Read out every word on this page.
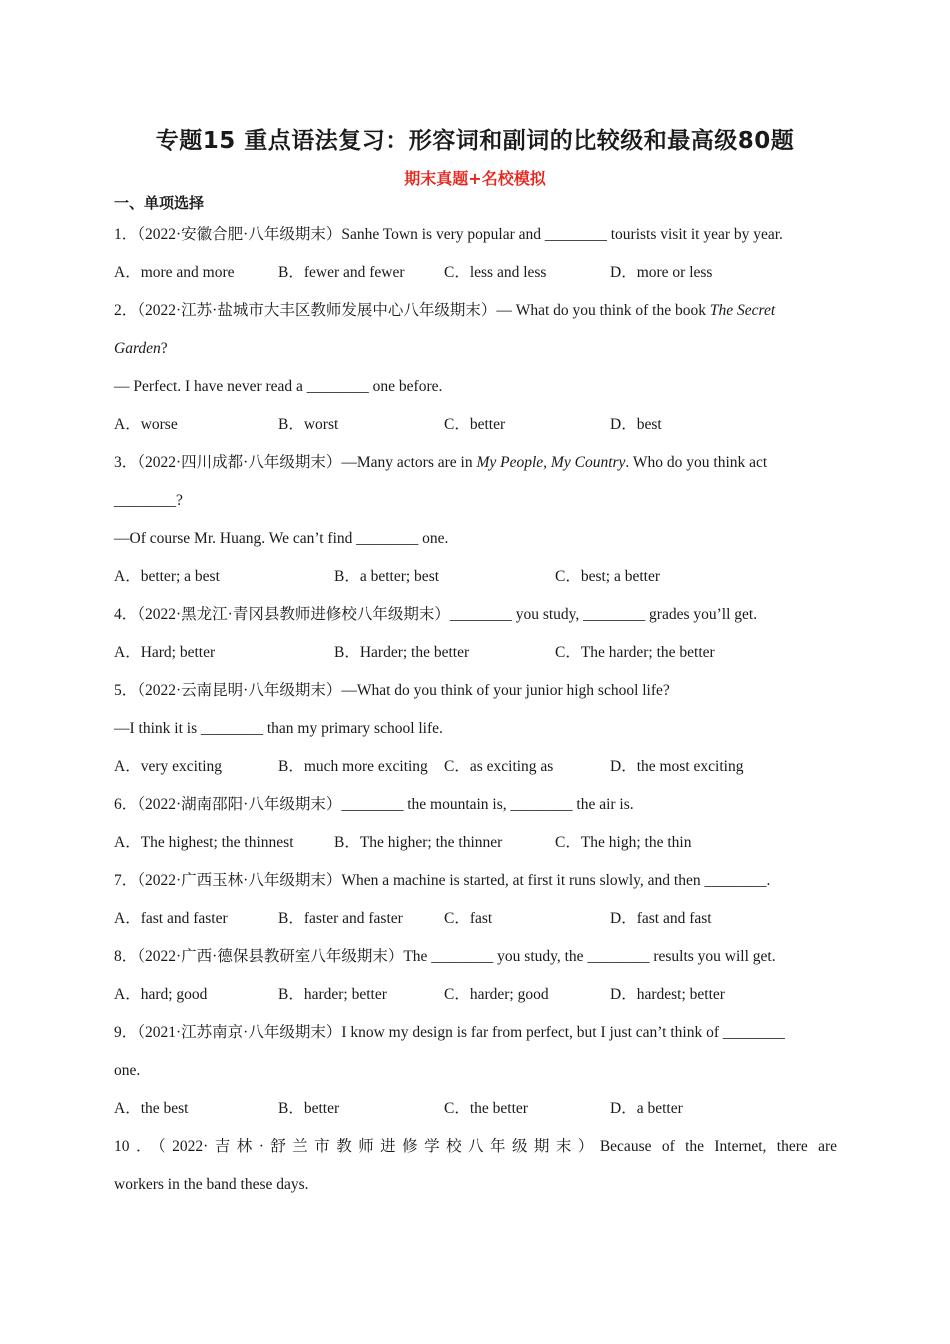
专题15 重点语法复习：形容词和副词的比较级和最高级80题
期末真题+名校模拟
一、单项选择
1．（2022·安徽合肥·八年级期末）Sanhe Town is very popular and ________ tourists visit it year by year.
A．more and more	B．fewer and fewer	C．less and less	D．more or less
2．（2022·江苏·盐城市大丰区教师发展中心八年级期末）— What do you think of the book The Secret
Garden?
— Perfect. I have never read a ________ one before.
A．worse	B．worst	C．better	D．best
3．（2022·四川成都·八年级期末）—Many actors are in My People, My Country. Who do you think act
________?
—Of course Mr. Huang. We can’t find ________ one.
A．better; a best	B．a better; best	C．best; a better
4．（2022·黑龙江·青冈县教师进修校八年级期末）________ you study, ________ grades you’ll get.
A．Hard; better	B．Harder; the better	C．The harder; the better
5．（2022·云南昆明·八年级期末）—What do you think of your junior high school life?
—I think it is ________ than my primary school life.
A．very exciting	B．much more exciting C．as exciting as	D．the most exciting
6．（2022·湖南邵阳·八年级期末）________ the mountain is, ________ the air is.
A．The highest; the thinnest	B．The higher; the thinner	C．The high; the thin
7．（2022·广西玉林·八年级期末）When a machine is started, at first it runs slowly, and then ________.
A．fast and faster	B．faster and faster	C．fast	D．fast and fast
8．（2022·广西·德保县教研室八年级期末）The ________ you study, the ________ results you will get.
A．hard; good	B．harder; better	C．harder; good	D．hardest; better
9．（2021·江苏南京·八年级期末）I know my design is far from perfect, but I just can’t think of ________
one.
A．the best	B．better	C．the better	D．a better
10．（2022·吉林·舒兰市教师进修学校八年级期末）Because of the Internet, there are
workers in the band these days.
